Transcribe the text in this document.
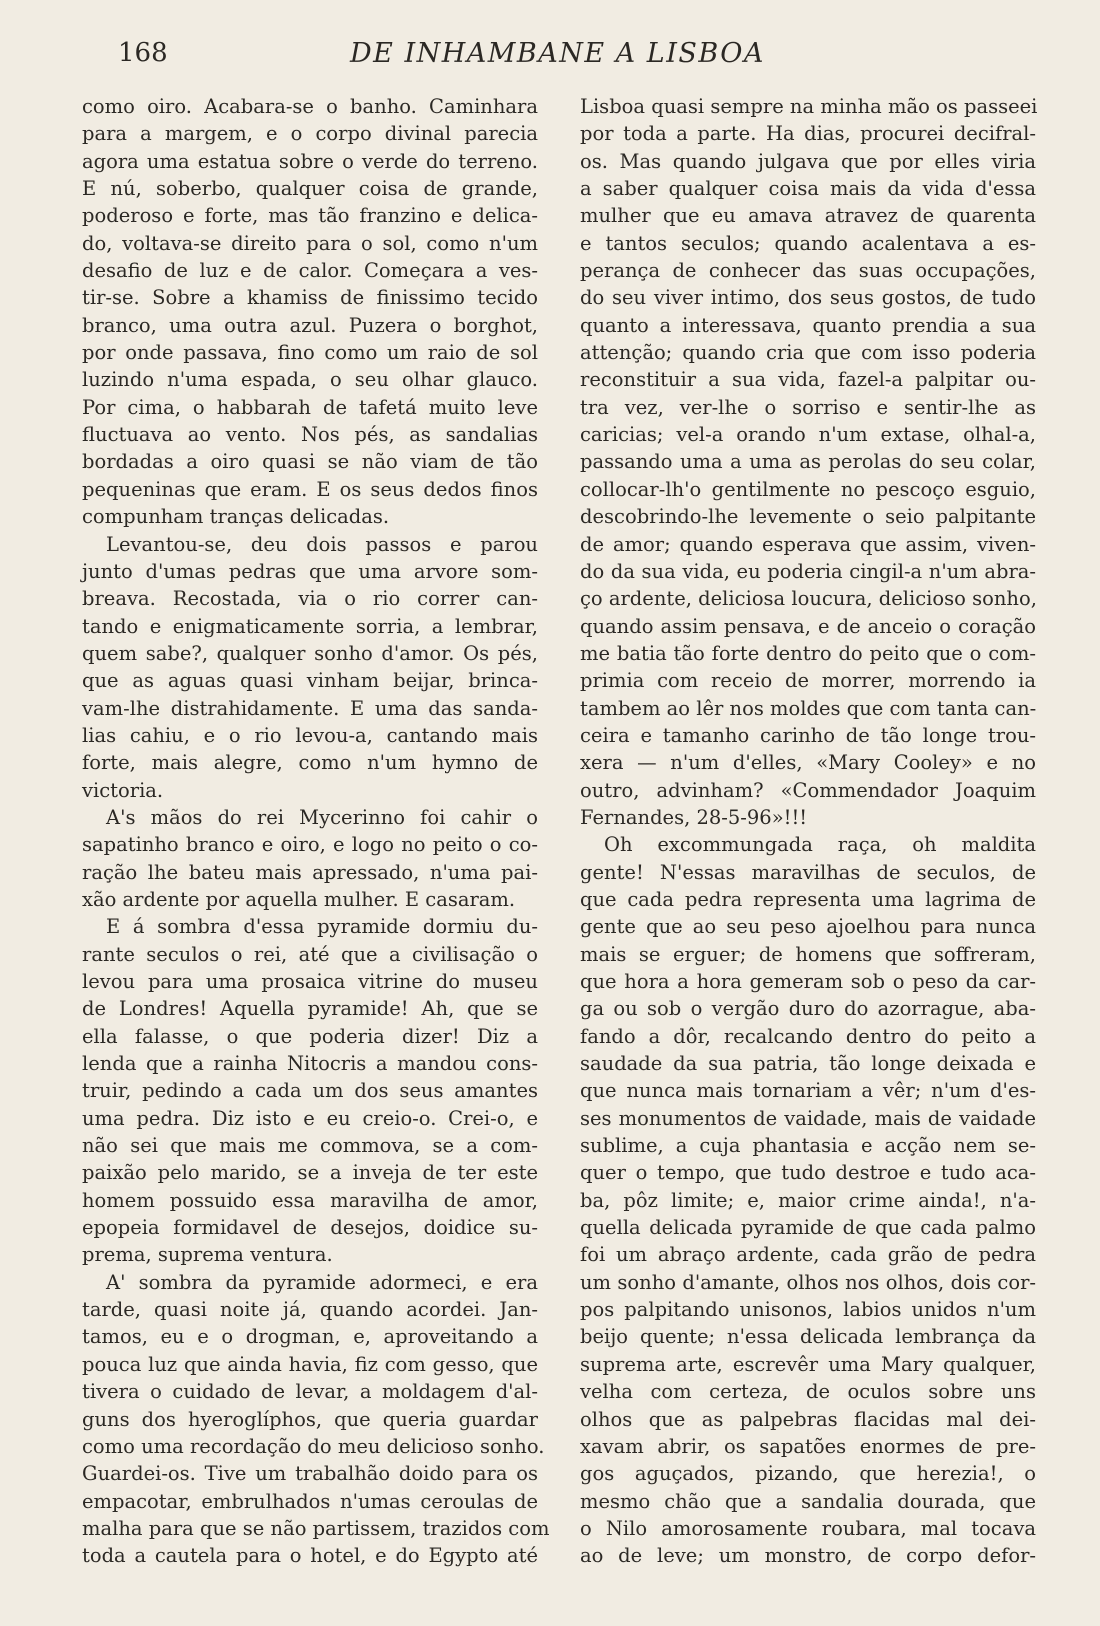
168	DE INHAMBANE A LISBOA
como oiro. Acabara-se o banho. Caminhara
para a margem, e o corpo divinal parecia
agora uma estatua sobre o verde do terreno.
E nú, soberbo, qualquer coisa de grande,
poderoso e forte, mas tão franzino e delica-
do, voltava-se direito para o sol, como n'um
desafio de luz e de calor. Começara a ves-
tir-se. Sobre a khamiss de finissimo tecido
branco, uma outra azul. Puzera o borghot,
por onde passava, fino como um raio de sol
luzindo n'uma espada, o seu olhar glauco.
Por cima, o habbarah de tafetá muito leve
fluctuava ao vento. Nos pés, as sandalias
bordadas a oiro quasi se não viam de tão
pequeninas que eram. E os seus dedos finos
compunham tranças delicadas.
Levantou-se, deu dois passos e parou
junto d'umas pedras que uma arvore som-
breava. Recostada, via o rio correr can-
tando e enigmaticamente sorria, a lembrar,
quem sabe?, qualquer sonho d'amor. Os pés,
que as aguas quasi vinham beijar, brinca-
vam-lhe distrahidamente. E uma das sanda-
lias cahiu, e o rio levou-a, cantando mais
forte, mais alegre, como n'um hymno de
victoria.
A's mãos do rei Mycerinno foi cahir o
sapatinho branco e oiro, e logo no peito o co-
ração lhe bateu mais apressado, n'uma pai-
xão ardente por aquella mulher. E casaram.
E á sombra d'essa pyramide dormiu du-
rante seculos o rei, até que a civilisação o
levou para uma prosaica vitrine do museu
de Londres! Aquella pyramide! Ah, que se
ella falasse, o que poderia dizer! Diz a
lenda que a rainha Nitocris a mandou cons-
truir, pedindo a cada um dos seus amantes
uma pedra. Diz isto e eu creio-o. Crei-o, e
não sei que mais me commova, se a com-
paixão pelo marido, se a inveja de ter este
homem possuido essa maravilha de amor,
epopeia formidavel de desejos, doidice su-
prema, suprema ventura.
A' sombra da pyramide adormeci, e era
tarde, quasi noite já, quando acordei. Jan-
tamos, eu e o drogman, e, aproveitando a
pouca luz que ainda havia, fiz com gesso, que
tivera o cuidado de levar, a moldagem d'al-
guns dos hyeroglíphos, que queria guardar
como uma recordação do meu delicioso sonho.
Guardei-os. Tive um trabalhão doido para os
empacotar, embrulhados n'umas ceroulas de
malha para que se não partissem, trazidos com
toda a cautela para o hotel, e do Egypto até
Lisboa quasi sempre na minha mão os passeei
por toda a parte. Ha dias, procurei decifral-
os. Mas quando julgava que por elles viria
a saber qualquer coisa mais da vida d'essa
mulher que eu amava atravez de quarenta
e tantos seculos; quando acalentava a es-
perança de conhecer das suas occupações,
do seu viver intimo, dos seus gostos, de tudo
quanto a interessava, quanto prendia a sua
attenção; quando cria que com isso poderia
reconstituir a sua vida, fazel-a palpitar ou-
tra vez, ver-lhe o sorriso e sentir-lhe as
caricias; vel-a orando n'um extase, olhal-a,
passando uma a uma as perolas do seu colar,
collocar-lh'o gentilmente no pescoço esguio,
descobrindo-lhe levemente o seio palpitante
de amor; quando esperava que assim, viven-
do da sua vida, eu poderia cingil-a n'um abra-
ço ardente, deliciosa loucura, delicioso sonho,
quando assim pensava, e de anceio o coração
me batia tão forte dentro do peito que o com-
primia com receio de morrer, morrendo ia
tambem ao lêr nos moldes que com tanta can-
ceira e tamanho carinho de tão longe trou-
xera — n'um d'elles, «Mary Cooley» e no
outro, advinham? «Commendador Joaquim
Fernandes, 28-5-96»!!!
Oh excommungada raça, oh maldita
gente! N'essas maravilhas de seculos, de
que cada pedra representa uma lagrima de
gente que ao seu peso ajoelhou para nunca
mais se erguer; de homens que soffreram,
que hora a hora gemeram sob o peso da car-
ga ou sob o vergão duro do azorrague, aba-
fando a dôr, recalcando dentro do peito a
saudade da sua patria, tão longe deixada e
que nunca mais tornariam a vêr; n'um d'es-
ses monumentos de vaidade, mais de vaidade
sublime, a cuja phantasia e acção nem se-
quer o tempo, que tudo destroe e tudo aca-
ba, pôz limite; e, maior crime ainda!, n'a-
quella delicada pyramide de que cada palmo
foi um abraço ardente, cada grão de pedra
um sonho d'amante, olhos nos olhos, dois cor-
pos palpitando unisonos, labios unidos n'um
beijo quente; n'essa delicada lembrança da
suprema arte, escrevêr uma Mary qualquer,
velha com certeza, de oculos sobre uns
olhos que as palpebras flacidas mal dei-
xavam abrir, os sapatões enormes de pre-
gos aguçados, pizando, que herezia!, o
mesmo chão que a sandalia dourada, que
o Nilo amorosamente roubara, mal tocava
ao de leve; um monstro, de corpo defor-
